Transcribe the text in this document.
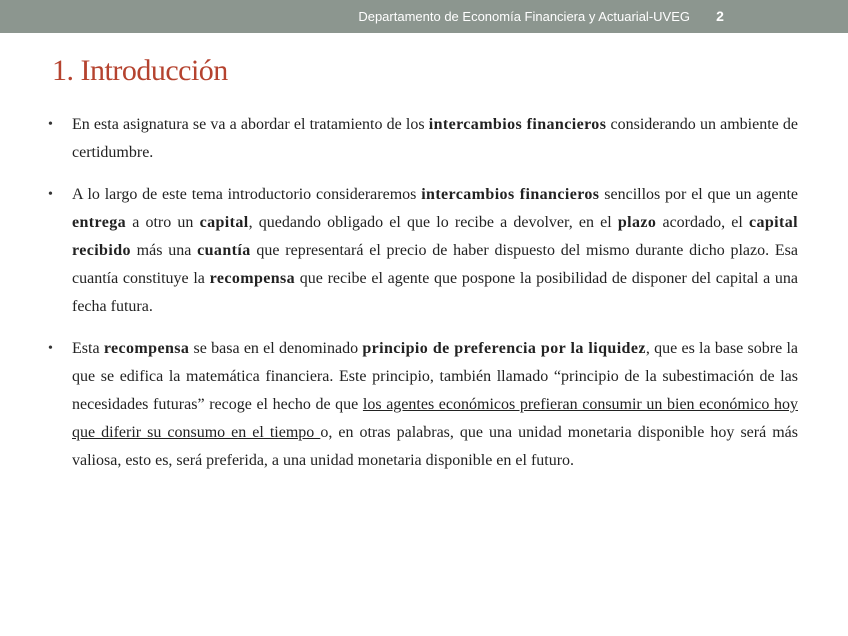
Departamento de Economía Financiera y Actuarial-UVEG	2
1. Introducción
• En esta asignatura se va a abordar el tratamiento de los intercambios financieros considerando un ambiente de certidumbre.
• A lo largo de este tema introductorio consideraremos intercambios financieros sencillos por el que un agente entrega a otro un capital, quedando obligado el que lo recibe a devolver, en el plazo acordado, el capital recibido más una cuantía que representará el precio de haber dispuesto del mismo durante dicho plazo. Esa cuantía constituye la recompensa que recibe el agente que pospone la posibilidad de disponer del capital a una fecha futura.
• Esta recompensa se basa en el denominado principio de preferencia por la liquidez, que es la base sobre la que se edifica la matemática financiera. Este principio, también llamado “principio de la subestimación de las necesidades futuras” recoge el hecho de que los agentes económicos prefieran consumir un bien económico hoy que diferir su consumo en el tiempo o, en otras palabras, que una unidad monetaria disponible hoy será más valiosa, esto es, será preferida, a una unidad monetaria disponible en el futuro.
